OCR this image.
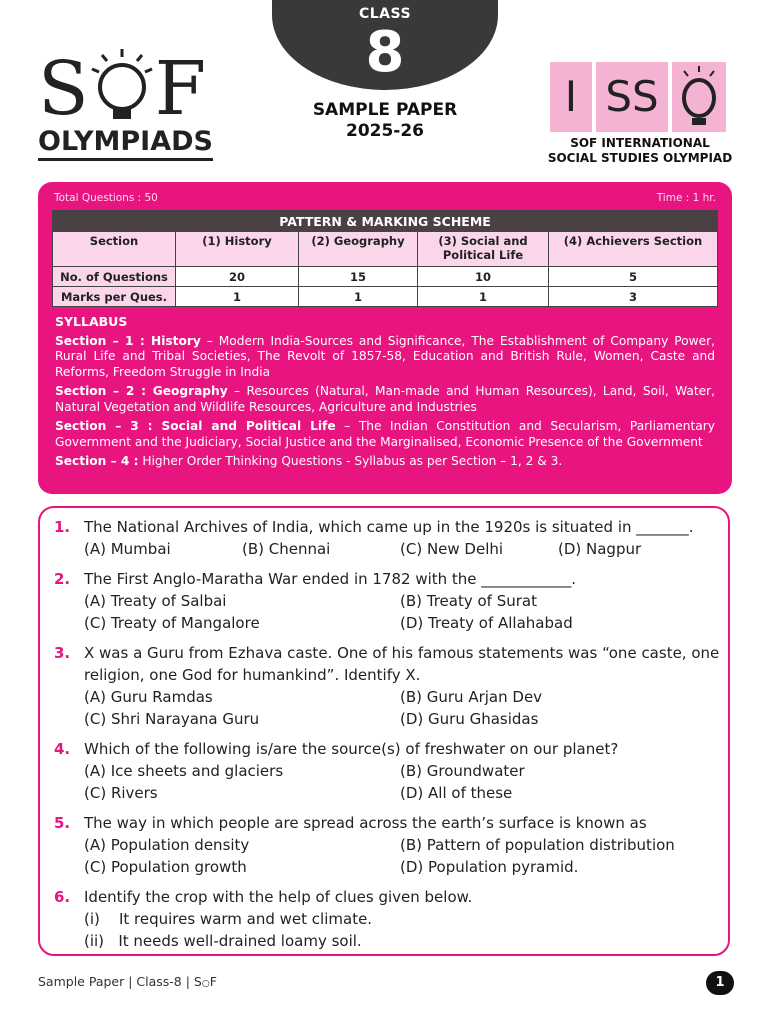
CLASS
8
SAMPLE PAPER
2025-26
S F
OLYMPIADS
I SS
SOF INTERNATIONAL
SOCIAL STUDIES OLYMPIAD
Total Questions : 50	Time : 1 hr.
PATTERN & MARKING SCHEME				
Section	(1) History	(2) Geography	(3) Social and Political Life	(4) Achievers Section
No. of Questions	20	15	10	5
Marks per Ques.	1	1	1	3
SYLLABUS
Section – 1 : History – Modern India-Sources and Significance, The Establishment of Company Power, Rural Life and Tribal Societies, The Revolt of 1857-58, Education and British Rule, Women, Caste and Reforms, Freedom Struggle in India
Section – 2 : Geography – Resources (Natural, Man-made and Human Resources), Land, Soil, Water, Natural Vegetation and Wildlife Resources, Agriculture and Industries
Section – 3 : Social and Political Life – The Indian Constitution and Secularism, Parliamentary Government and the Judiciary, Social Justice and the Marginalised, Economic Presence of the Government
Section – 4 : Higher Order Thinking Questions - Syllabus as per Section – 1, 2 & 3.
1. The National Archives of India, which came up in the 1920s is situated in _______.
(A) Mumbai	(B) Chennai	(C) New Delhi	(D) Nagpur
2. The First Anglo-Maratha War ended in 1782 with the ____________.
(A) Treaty of Salbai	(B) Treaty of Surat
(C) Treaty of Mangalore	(D) Treaty of Allahabad
3. X was a Guru from Ezhava caste. One of his famous statements was “one caste, one
religion, one God for humankind”. Identify X.
(A) Guru Ramdas	(B) Guru Arjan Dev
(C) Shri Narayana Guru	(D) Guru Ghasidas
4. Which of the following is/are the source(s) of freshwater on our planet?
(A) Ice sheets and glaciers	(B) Groundwater
(C) Rivers	(D) All of these
5. The way in which people are spread across the earth’s surface is known as
(A) Population density	(B) Pattern of population distribution
(C) Population growth	(D) Population pyramid.
6. Identify the crop with the help of clues given below.
(i)    It requires warm and wet climate.
(ii)   It needs well-drained loamy soil.
Sample Paper | Class-8 | S○F	1
